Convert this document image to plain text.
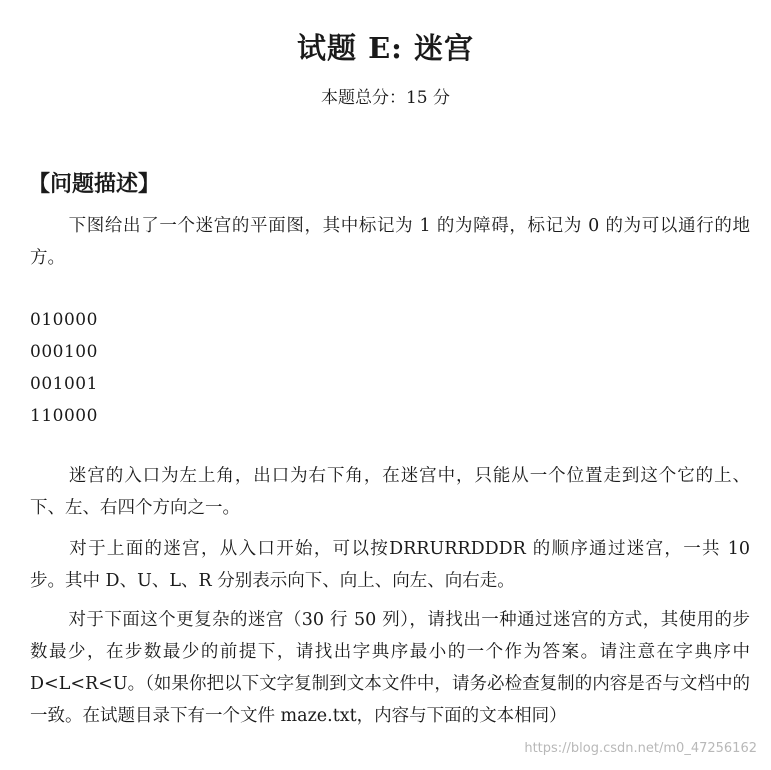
试题 E: 迷宫
本题总分：15 分
【问题描述】

下图给出了一个迷宫的平面图，其中标记为 1 的为障碍，标记为 0 的为可以通行的地方。

010000
000100
001001
110000

迷宫的入口为左上角，出口为右下角，在迷宫中，只能从一个位置走到这个它的上、下、左、右四个方向之一。

对于上面的迷宫，从入口开始，可以按DRRURRDDDR 的顺序通过迷宫，一共 10 步。其中 D、U、L、R 分别表示向下、向上、向左、向右走。

对于下面这个更复杂的迷宫（30 行 50 列），请找出一种通过迷宫的方式，其使用的步数最少，在步数最少的前提下，请找出字典序最小的一个作为答案。请注意在字典序中D<L<R<U。（如果你把以下文字复制到文本文件中，请务必检查复制的内容是否与文档中的一致。在试题目录下有一个文件 maze.txt，内容与下面的文本相同）

https://blog.csdn.net/m0_47256162
